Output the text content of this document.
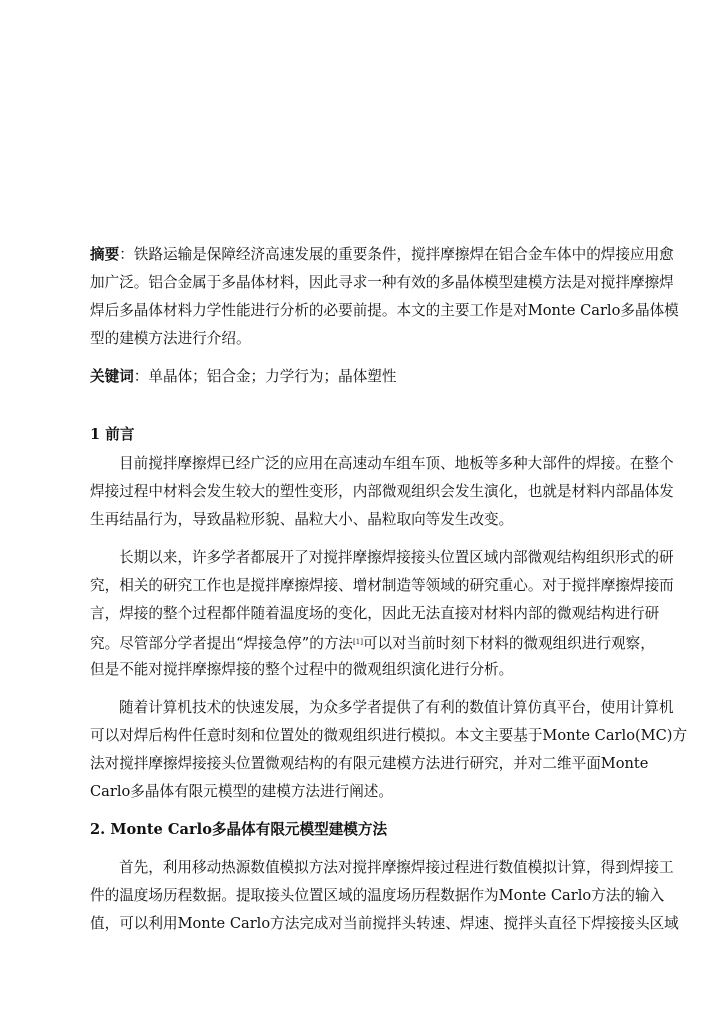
摘要：铁路运输是保障经济高速发展的重要条件，搅拌摩擦焊在铝合金车体中的焊接应用愈
加广泛。铝合金属于多晶体材料，因此寻求一种有效的多晶体模型建模方法是对搅拌摩擦焊
焊后多晶体材料力学性能进行分析的必要前提。本文的主要工作是对Monte Carlo多晶体模
型的建模方法进行介绍。
关键词：单晶体；铝合金；力学行为；晶体塑性
1 前言
目前搅拌摩擦焊已经广泛的应用在高速动车组车顶、地板等多种大部件的焊接。在整个
焊接过程中材料会发生较大的塑性变形，内部微观组织会发生演化，也就是材料内部晶体发
生再结晶行为，导致晶粒形貌、晶粒大小、晶粒取向等发生改变。
长期以来，许多学者都展开了对搅拌摩擦焊接接头位置区域内部微观结构组织形式的研
究，相关的研究工作也是搅拌摩擦焊接、增材制造等领域的研究重心。对于搅拌摩擦焊接而
言，焊接的整个过程都伴随着温度场的变化，因此无法直接对材料内部的微观结构进行研
究。尽管部分学者提出“焊接急停”的方法[1]可以对当前时刻下材料的微观组织进行观察，
但是不能对搅拌摩擦焊接的整个过程中的微观组织演化进行分析。
随着计算机技术的快速发展，为众多学者提供了有利的数值计算仿真平台，使用计算机
可以对焊后构件任意时刻和位置处的微观组织进行模拟。本文主要基于Monte Carlo(MC)方
法对搅拌摩擦焊接接头位置微观结构的有限元建模方法进行研究，并对二维平面Monte
Carlo多晶体有限元模型的建模方法进行阐述。
2. Monte Carlo多晶体有限元模型建模方法
首先，利用移动热源数值模拟方法对搅拌摩擦焊接过程进行数值模拟计算，得到焊接工
件的温度场历程数据。提取接头位置区域的温度场历程数据作为Monte Carlo方法的输入
值，可以利用Monte Carlo方法完成对当前搅拌头转速、焊速、搅拌头直径下焊接接头区域
